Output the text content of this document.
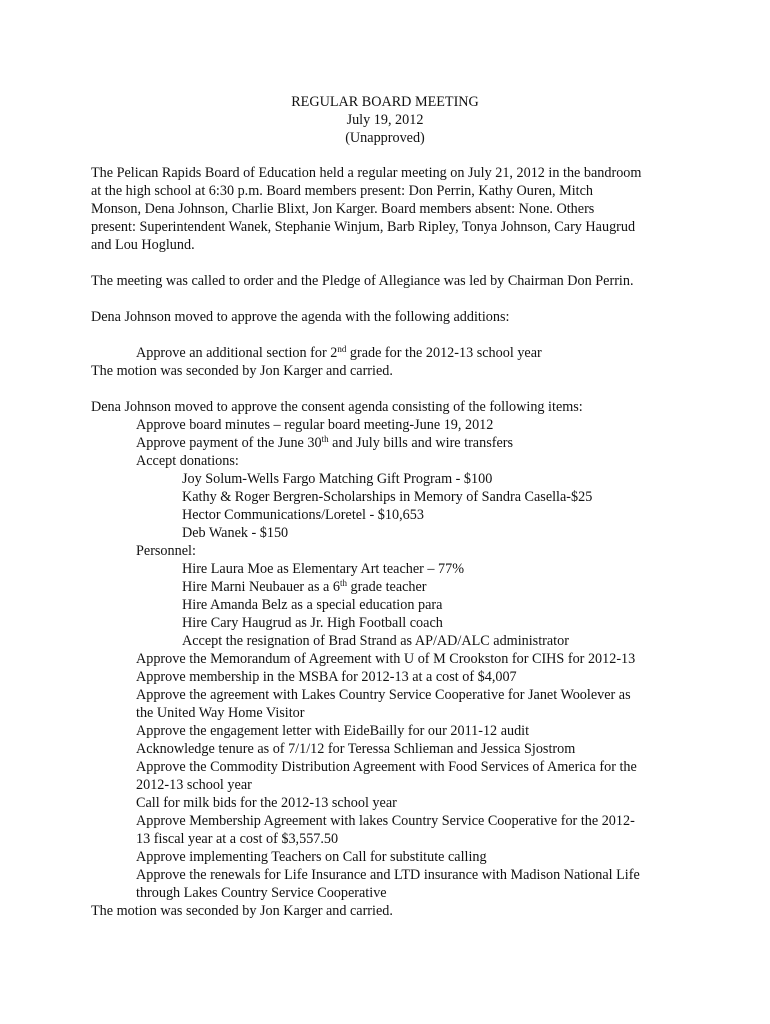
REGULAR BOARD MEETING
July 19, 2012
(Unapproved)
The Pelican Rapids Board of Education held a regular meeting on July 21, 2012 in the bandroom
at the high school at 6:30 p.m. Board members present: Don Perrin, Kathy Ouren, Mitch
Monson, Dena Johnson, Charlie Blixt, Jon Karger. Board members absent: None. Others
present: Superintendent Wanek, Stephanie Winjum, Barb Ripley, Tonya Johnson, Cary Haugrud
and Lou Hoglund.

The meeting was called to order and the Pledge of Allegiance was led by Chairman Don Perrin.

Dena Johnson moved to approve the agenda with the following additions:

Approve an additional section for 2nd grade for the 2012-13 school year

The motion was seconded by Jon Karger and carried.

Dena Johnson moved to approve the consent agenda consisting of the following items:

Approve board minutes – regular board meeting-June 19, 2012
Approve payment of the June 30th and July bills and wire transfers
Accept donations:
Joy Solum-Wells Fargo Matching Gift Program - $100
Kathy & Roger Bergren-Scholarships in Memory of Sandra Casella-$25
Hector Communications/Loretel - $10,653
Deb Wanek - $150
Personnel:
Hire Laura Moe as Elementary Art teacher – 77%
Hire Marni Neubauer as a 6th grade teacher
Hire Amanda Belz as a special education para
Hire Cary Haugrud as Jr. High Football coach
Accept the resignation of Brad Strand as AP/AD/ALC administrator
Approve the Memorandum of Agreement with U of M Crookston for CIHS for 2012-13
Approve membership in the MSBA for 2012-13 at a cost of $4,007
Approve the agreement with Lakes Country Service Cooperative for Janet Woolever as
the United Way Home Visitor
Approve the engagement letter with EideBailly for our 2011-12 audit
Acknowledge tenure as of 7/1/12 for Teressa Schlieman and Jessica Sjostrom
Approve the Commodity Distribution Agreement with Food Services of America for the
2012-13 school year
Call for milk bids for the 2012-13 school year
Approve Membership Agreement with lakes Country Service Cooperative for the 2012-
13 fiscal year at a cost of $3,557.50
Approve implementing Teachers on Call for substitute calling
Approve the renewals for Life Insurance and LTD insurance with Madison National Life
through Lakes Country Service Cooperative

The motion was seconded by Jon Karger and carried.
